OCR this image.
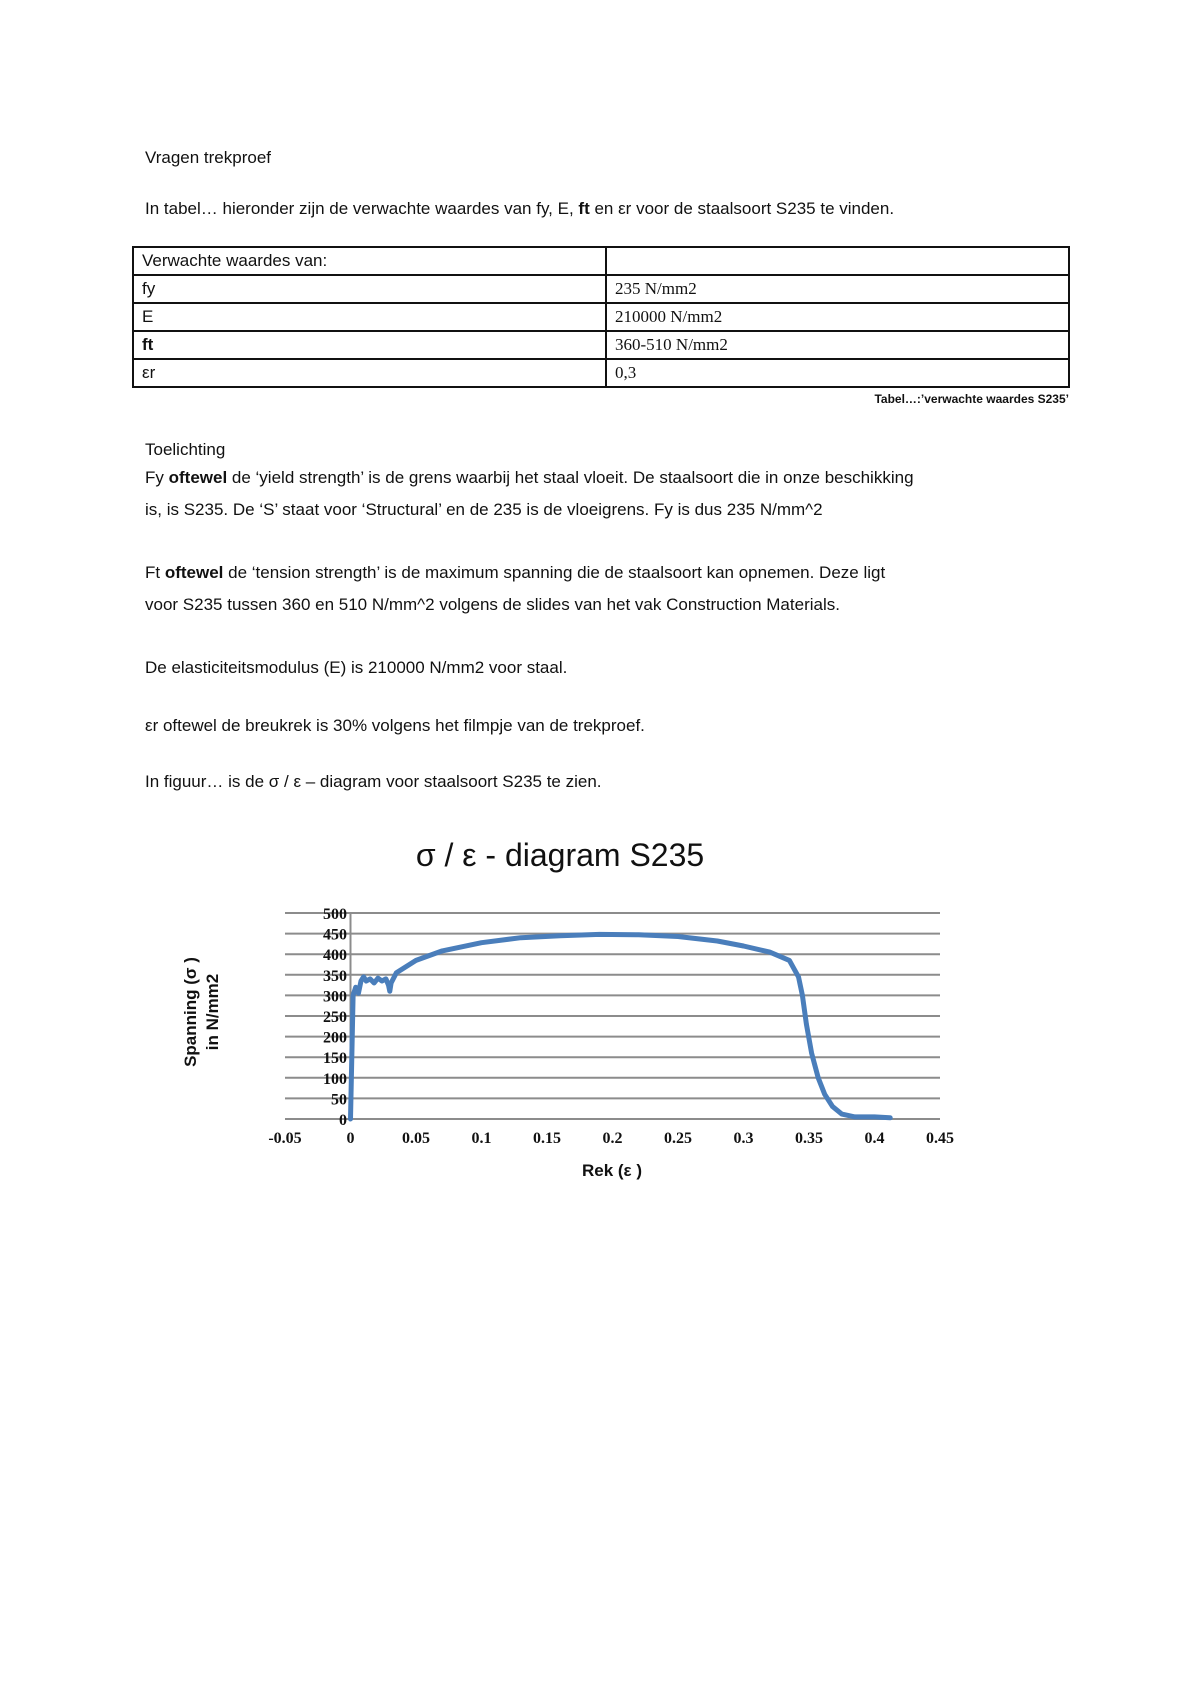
Vragen trekproef

In tabel… hieronder zijn de verwachte waardes van fy, E, ft en εr voor de staalsoort S235 te vinden.

Verwachte waardes van:	
fy	235 N/mm2
E	210000 N/mm2
ft	360-510 N/mm2
εr	0,3
Tabel…:’verwachte waardes S235’

Toelichting

Fy oftewel de ‘yield strength’ is de grens waarbij het staal vloeit. De staalsoort die in onze beschikking

is, is S235. De ‘S’ staat voor ‘Structural’ en de 235 is de vloeigrens. Fy is dus 235 N/mm^2

Ft oftewel de ‘tension strength’ is de maximum spanning die de staalsoort kan opnemen. Deze ligt

voor S235 tussen 360 en 510 N/mm^2 volgens de slides van het vak Construction Materials.

De elasticiteitsmodulus (E) is 210000 N/mm2 voor staal.

εr oftewel de breukrek is 30% volgens het filmpje van de trekproef.

In figuur… is de σ / ε – diagram voor staalsoort S235 te zien.

σ / ε - diagram S235
0
50
100
150
200
250
300
350
400
450
500
-0.05	0	0.05	0.1	0.15	0.2	0.25	0.3	0.35	0.4	0.45
Rek (ε )
Spanning (σ ) in N/mm2
